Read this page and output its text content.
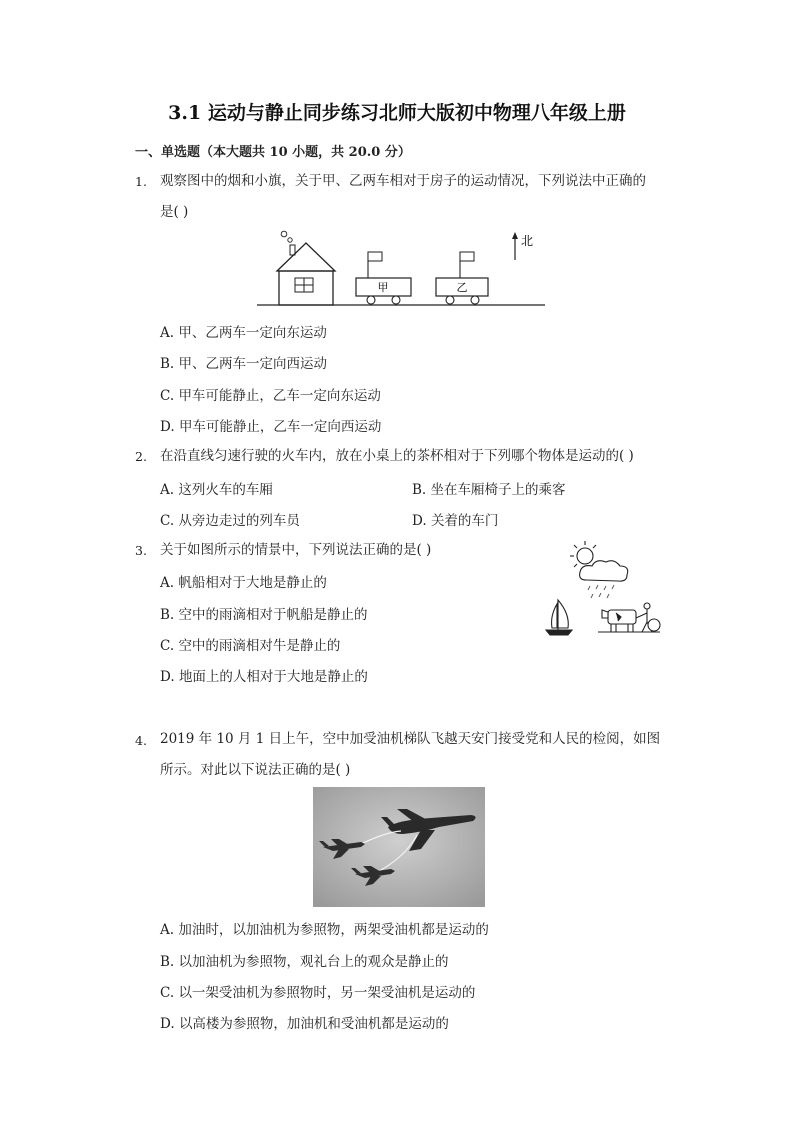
3.1 运动与静止同步练习北师大版初中物理八年级上册
一、单选题（本大题共 10 小题，共 20.0 分）
1. 观察图中的烟和小旗，关于甲、乙两车相对于房子的运动情况，下列说法中正确的
是( )
甲	乙
北
A. 甲、乙两车一定向东运动
B. 甲、乙两车一定向西运动
C. 甲车可能静止，乙车一定向东运动
D. 甲车可能静止，乙车一定向西运动
2. 在沿直线匀速行驶的火车内，放在小桌上的茶杯相对于下列哪个物体是运动的( )
A. 这列火车的车厢	B. 坐在车厢椅子上的乘客
C. 从旁边走过的列车员	D. 关着的车门
3. 关于如图所示的情景中，下列说法正确的是( )
A. 帆船相对于大地是静止的
B. 空中的雨滴相对于帆船是静止的
C. 空中的雨滴相对牛是静止的
D. 地面上的人相对于大地是静止的
4. 2019 年 10 月 1 日上午，空中加受油机梯队飞越天安门接受党和人民的检阅，如图
所示。对此以下说法正确的是( )
A. 加油时，以加油机为参照物，两架受油机都是运动的
B. 以加油机为参照物，观礼台上的观众是静止的
C. 以一架受油机为参照物时，另一架受油机是运动的
D. 以高楼为参照物，加油机和受油机都是运动的
